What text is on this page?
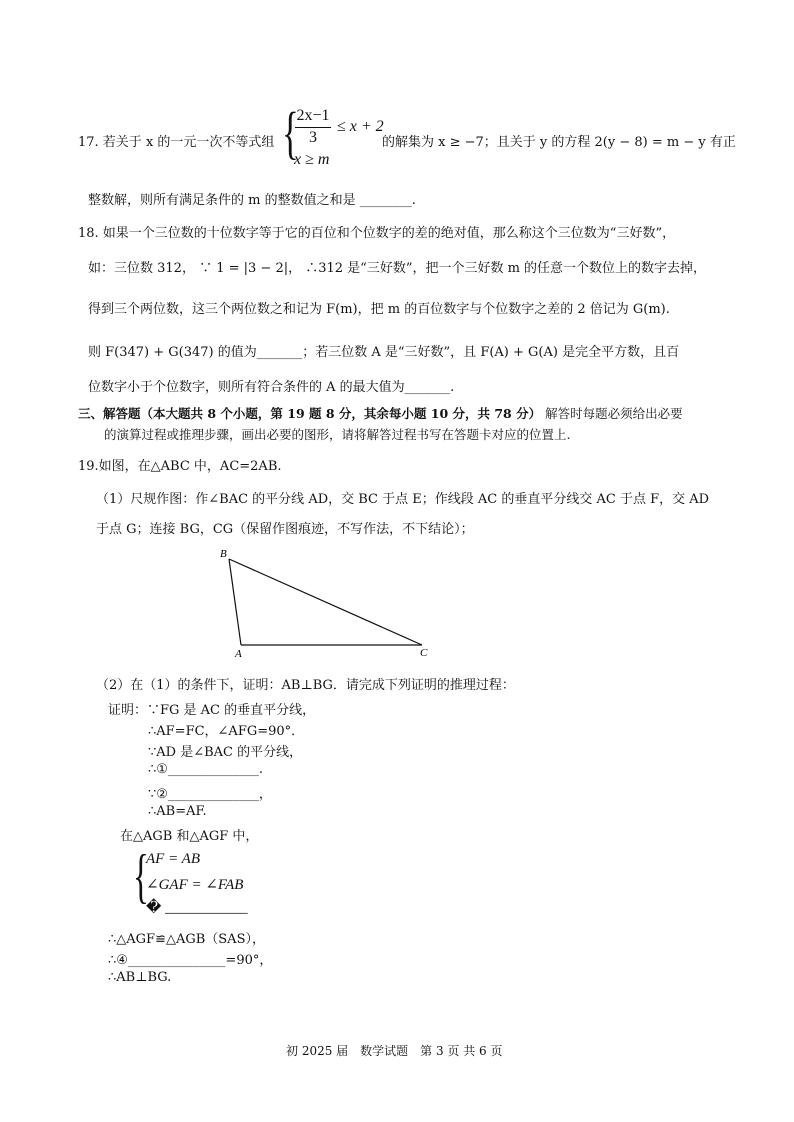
17. 若关于 x 的一元一次不等式组 {
2x−1
3
≤ x + 2
x ≥ m
的解集为 x ≥ −7；且关于 y 的方程 2(y − 8) = m − y 有正
整数解，则所有满足条件的 m 的整数值之和是 ________.
18. 如果一个三位数的十位数字等于它的百位和个位数字的差的绝对值，那么称这个三位数为“三好数”，
如：三位数 312， ∵ 1 = |3 − 2|， ∴312 是“三好数”，把一个三好数 m 的任意一个数位上的数字去掉，
得到三个两位数，这三个两位数之和记为 F(m)，把 m 的百位数字与个位数字之差的 2 倍记为 G(m).
则 F(347) + G(347) 的值为_______；若三位数 A 是“三好数”，且 F(A) + G(A) 是完全平方数，且百
位数字小于个位数字，则所有符合条件的 A 的最大值为_______.
三、解答题（本大题共 8 个小题，第 19 题 8 分，其余每小题 10 分，共 78 分） 解答时每题必须给出必要
的演算过程或推理步骤，画出必要的图形，请将解答过程书写在答题卡对应的位置上.
19.如图，在△ABC 中，AC=2AB.
（1）尺规作图：作∠BAC 的平分线 AD，交 BC 于点 E；作线段 AC 的垂直平分线交 AC 于点 F，交 AD
于点 G；连接 BG，CG（保留作图痕迹，不写作法，不下结论）；
B
A	C
（2）在（1）的条件下，证明：AB⊥BG．请完成下列证明的推理过程：
证明：∵FG 是 AC 的垂直平分线，
∴AF=FC，∠AFG=90°．
∵AD 是∠BAC 的平分线，
∴①______________.
∵②______________，
∴AB=AF.
在△AGB 和△AGF 中，
{
AF = AB
∠GAF = ∠FAB
� ___________
∴△AGF≌△AGB（SAS），
∴④_______________=90°，
∴AB⊥BG.
初 2025 届　数学试题　第 3 页 共 6 页
